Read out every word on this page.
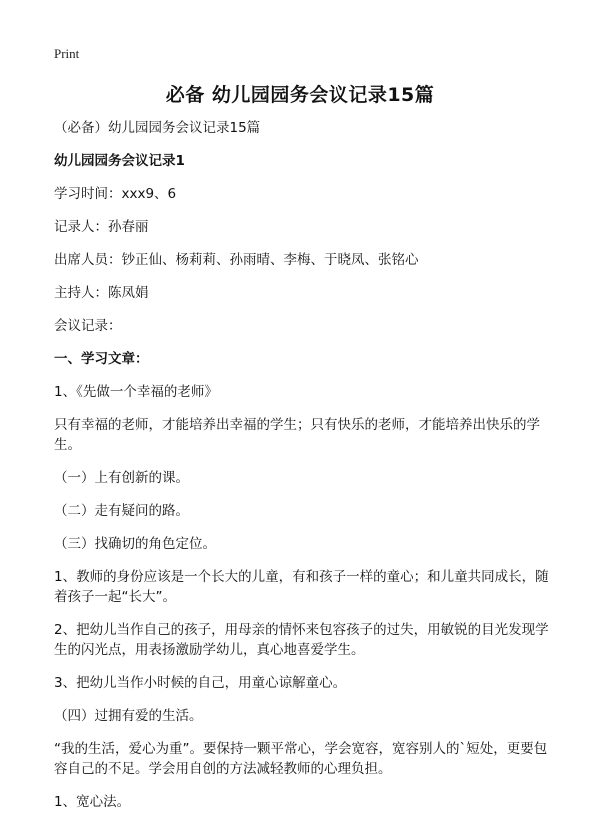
Print
必备 幼儿园园务会议记录15篇
（必备）幼儿园园务会议记录15篇
幼儿园园务会议记录1
学习时间：xxx9、6
记录人：孙春丽
出席人员：钞正仙、杨莉莉、孙雨晴、李梅、于晓凤、张铭心
主持人：陈凤娟
会议记录：
一、学习文章：
1、《先做一个幸福的老师》
只有幸福的老师，才能培养出幸福的学生；只有快乐的老师，才能培养出快乐的学生。
（一）上有创新的课。
（二）走有疑问的路。
（三）找确切的角色定位。
1、教师的身份应该是一个长大的儿童，有和孩子一样的童心；和儿童共同成长，随着孩子一起“长大”。
2、把幼儿当作自己的孩子，用母亲的情怀来包容孩子的过失，用敏锐的目光发现学生的闪光点，用表扬激励学幼儿，真心地喜爱学生。
3、把幼儿当作小时候的自己，用童心谅解童心。
（四）过拥有爱的生活。
“我的生活，爱心为重”。要保持一颗平常心，学会宽容，宽容别人的`短处，更要包容自己的不足。学会用自创的方法减轻教师的心理负担。
1、宽心法。
